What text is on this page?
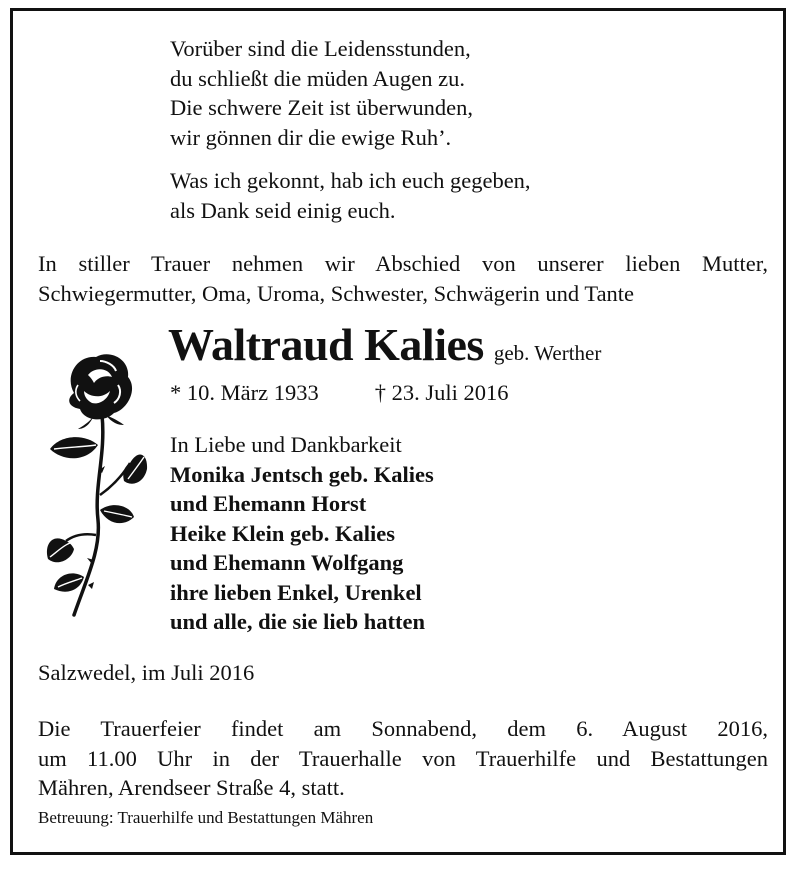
Vorüber sind die Leidensstunden,

du schließt die müden Augen zu.

Die schwere Zeit ist überwunden,

wir gönnen dir die ewige Ruh’.

Was ich gekonnt, hab ich euch gegeben,

als Dank seid einig euch.

In stiller Trauer nehmen wir Abschied von unserer lieben Mutter,
Schwiegermutter, Oma, Uroma, Schwester, Schwägerin und Tante
Waltraud Kalies geb. Werther
* 10. März 1933 † 23. Juli 2016

In Liebe und Dankbarkeit

Monika Jentsch geb. Kalies

und Ehemann Horst

Heike Klein geb. Kalies

und Ehemann Wolfgang

ihre lieben Enkel, Urenkel

und alle, die sie lieb hatten

Salzwedel, im Juli 2016
Die Trauerfeier findet am Sonnabend, dem 6. August 2016,
um 11.00 Uhr in der Trauerhalle von Trauerhilfe und Bestattungen
Mähren, Arendseer Straße 4, statt.
Betreuung: Trauerhilfe und Bestattungen Mähren
